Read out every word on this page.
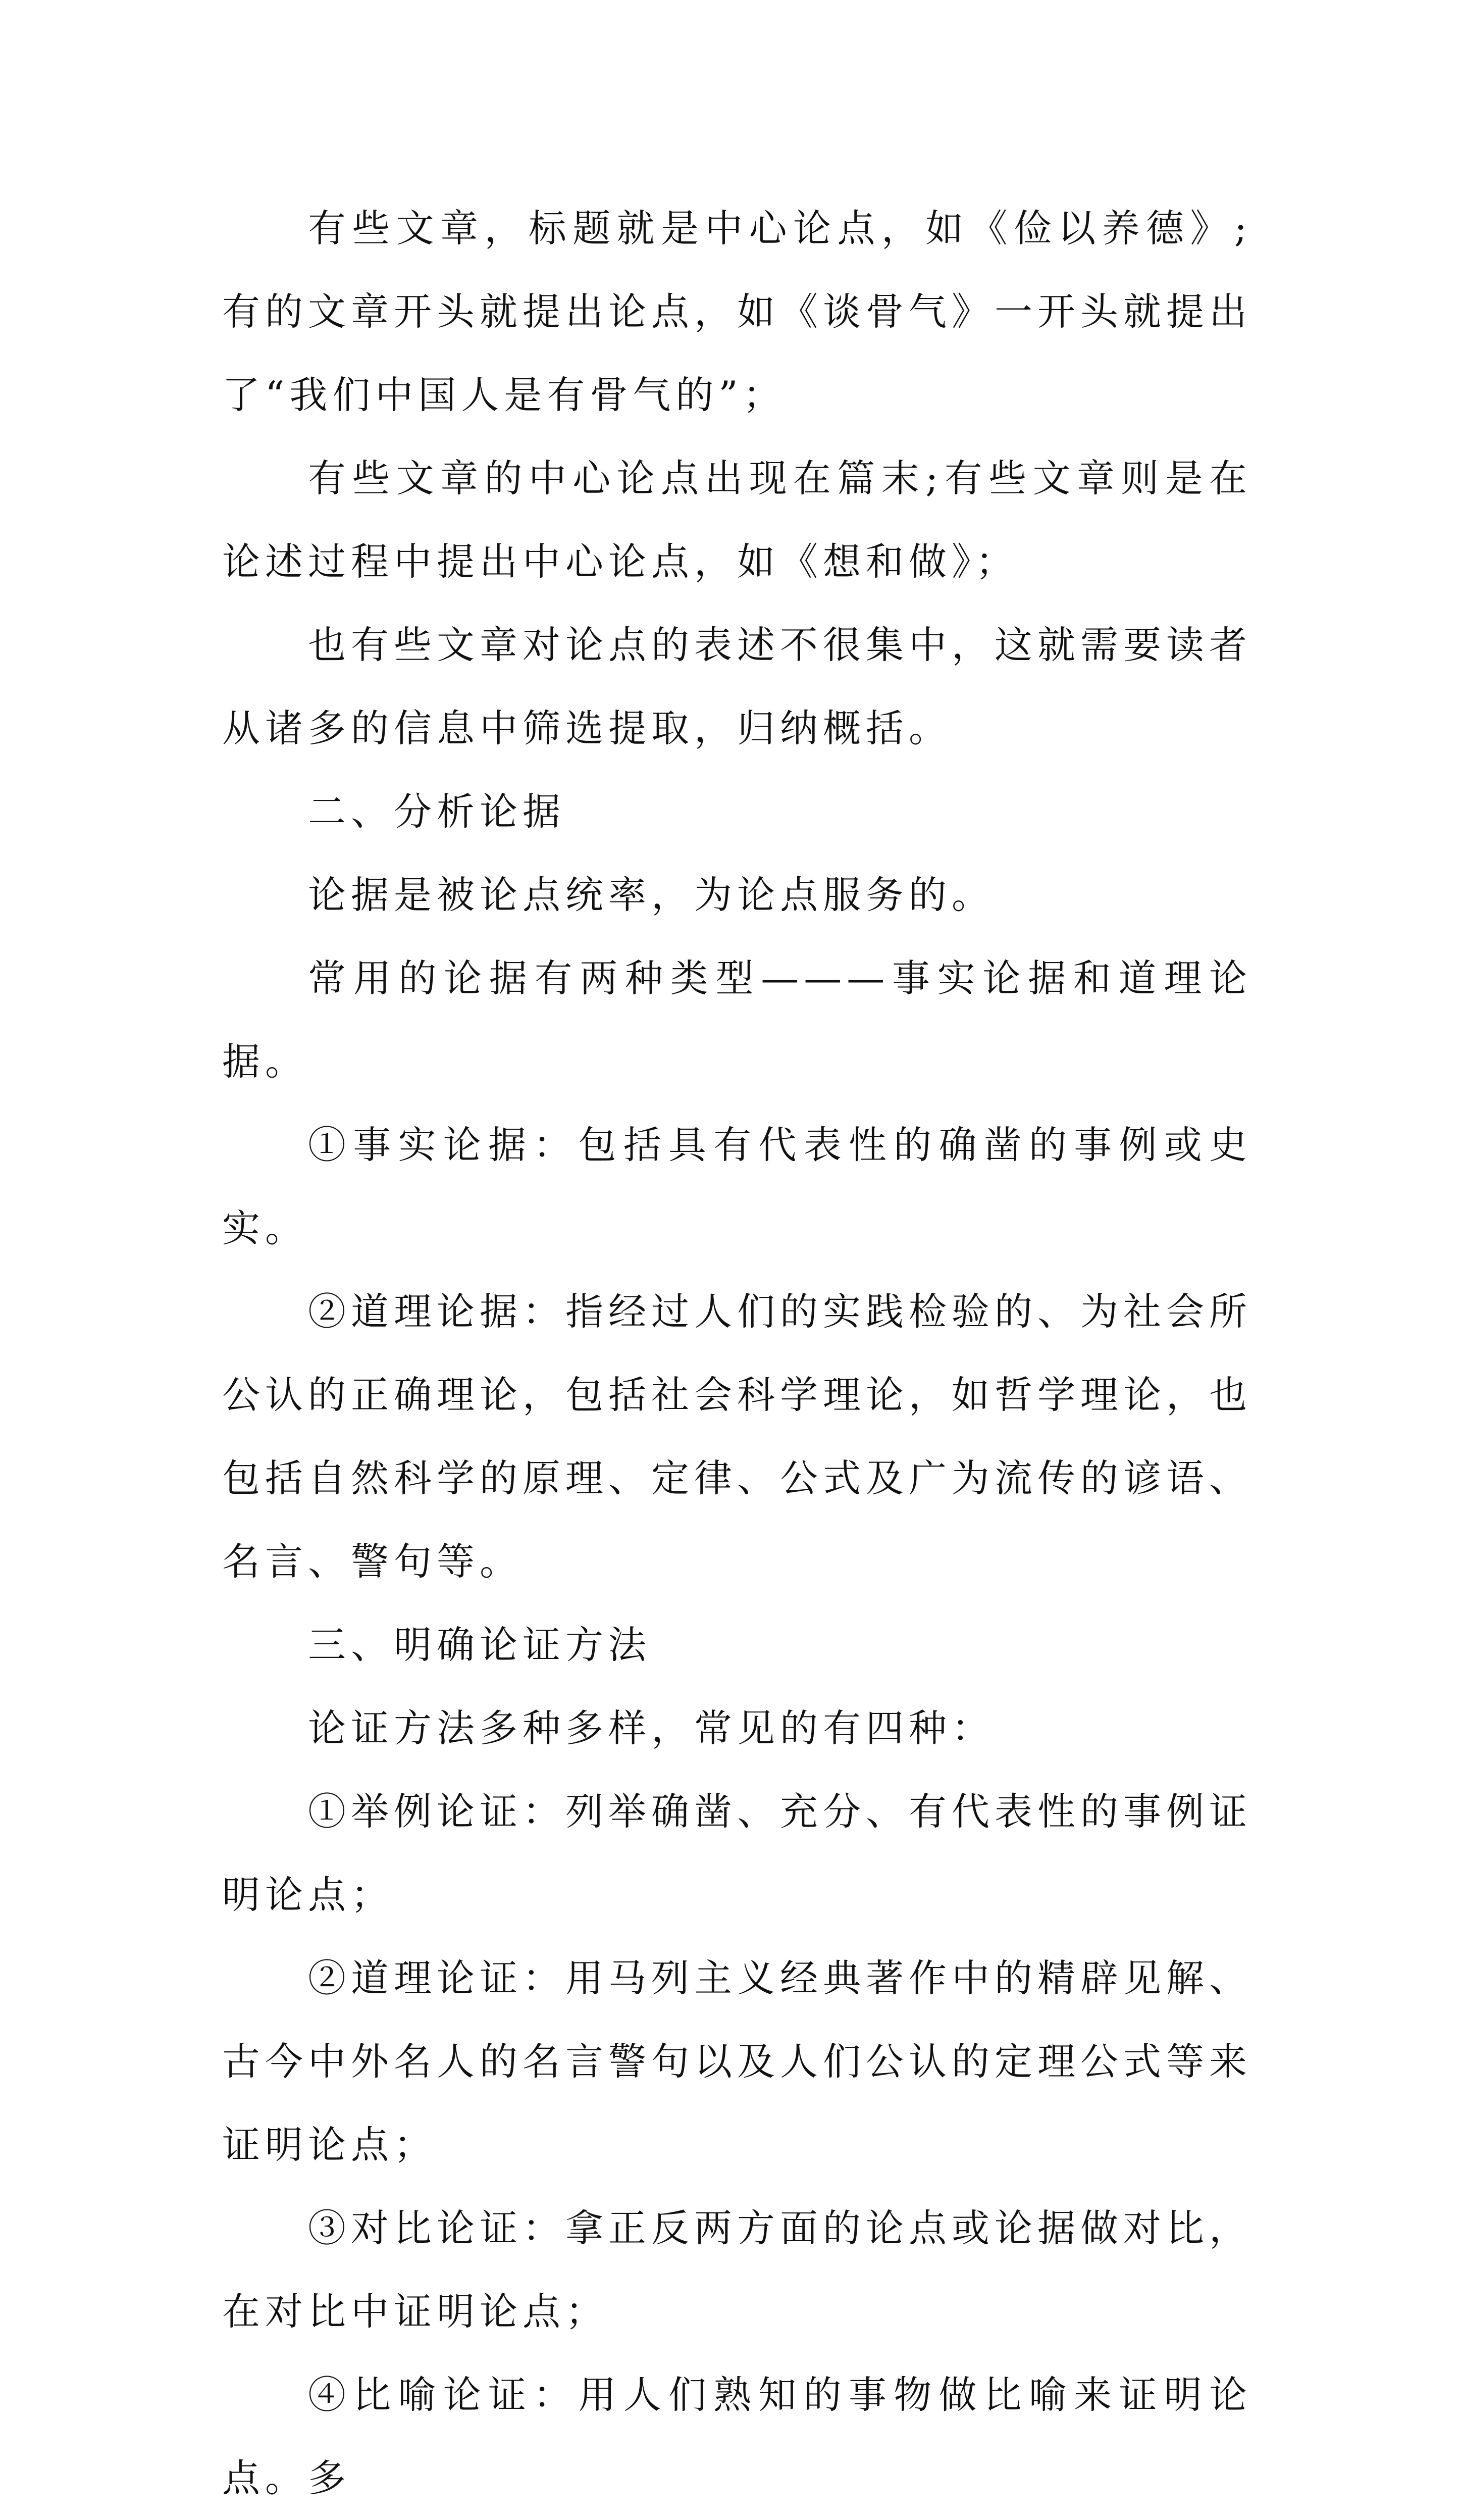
有些文章，标题就是中心论点，如《俭以养德》;有的文章开头就提出论点，如《谈骨气》一开头就提出了“我们中国人是有骨气的”；

有些文章的中心论点出现在篇末;有些文章则是在论述过程中提出中心论点，如《想和做》；

也有些文章对论点的表述不很集中，这就需要读者从诸多的信息中筛选提取，归纳概括。

二、分析论据

论据是被论点统率，为论点服务的。

常用的论据有两种类型———事实论据和道理论据。

①事实论据：包括具有代表性的确凿的事例或史实。

②道理论据：指经过人们的实践检验的、为社会所公认的正确理论，包括社会科学理论，如哲学理论，也包括自然科学的原理、定律、公式及广为流传的谚语、名言、警句等。

三、明确论证方法

论证方法多种多样，常见的有四种：

①举例论证：列举确凿、充分、有代表性的事例证明论点；

②道理论证：用马列主义经典著作中的精辟见解、古今中外名人的名言警句以及人们公认的定理公式等来证明论点；

③对比论证：拿正反两方面的论点或论据做对比，在对比中证明论点；

④比喻论证：用人们熟知的事物做比喻来证明论点。多
